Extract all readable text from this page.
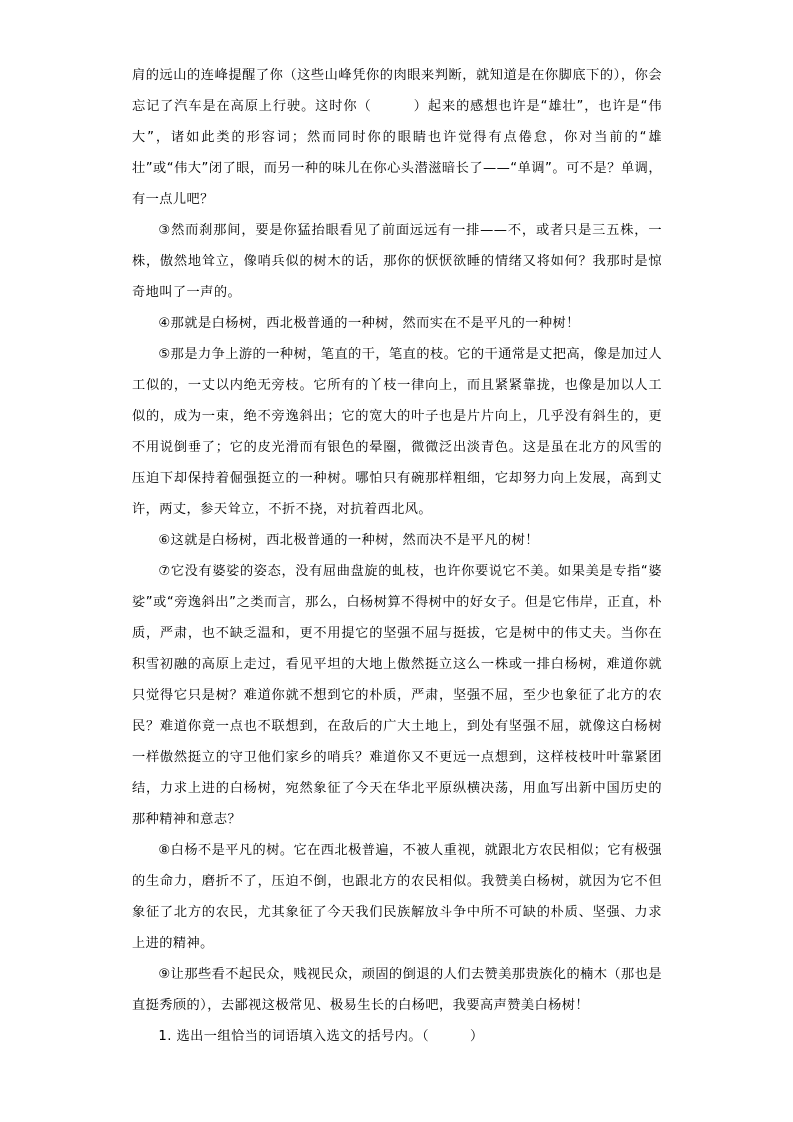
肩的远山的连峰提醒了你（这些山峰凭你的肉眼来判断，就知道是在你脚底下的），你会忘记了汽车是在高原上行驶。这时你（　　　）起来的感想也许是“雄壮”，也许是“伟大”，诸如此类的形容词；然而同时你的眼睛也许觉得有点倦怠，你对当前的“雄壮”或“伟大”闭了眼，而另一种的味儿在你心头潜滋暗长了——“单调”。可不是？单调，有一点儿吧？

③然而刹那间，要是你猛抬眼看见了前面远远有一排——不，或者只是三五株，一株，傲然地耸立，像哨兵似的树木的话，那你的恹恹欲睡的情绪又将如何？我那时是惊奇地叫了一声的。

④那就是白杨树，西北极普通的一种树，然而实在不是平凡的一种树！

⑤那是力争上游的一种树，笔直的干，笔直的枝。它的干通常是丈把高，像是加过人工似的，一丈以内绝无旁枝。它所有的丫枝一律向上，而且紧紧靠拢，也像是加以人工似的，成为一束，绝不旁逸斜出；它的宽大的叶子也是片片向上，几乎没有斜生的，更不用说倒垂了；它的皮光滑而有银色的晕圈，微微泛出淡青色。这是虽在北方的风雪的压迫下却保持着倔强挺立的一种树。哪怕只有碗那样粗细，它却努力向上发展，高到丈许，两丈，参天耸立，不折不挠，对抗着西北风。

⑥这就是白杨树，西北极普通的一种树，然而决不是平凡的树！

⑦它没有婆娑的姿态，没有屈曲盘旋的虬枝，也许你要说它不美。如果美是专指“婆娑”或“旁逸斜出”之类而言，那么，白杨树算不得树中的好女子。但是它伟岸，正直，朴质，严肃，也不缺乏温和，更不用提它的坚强不屈与挺拔，它是树中的伟丈夫。当你在积雪初融的高原上走过，看见平坦的大地上傲然挺立这么一株或一排白杨树，难道你就只觉得它只是树？难道你就不想到它的朴质，严肃，坚强不屈，至少也象征了北方的农民？难道你竟一点也不联想到，在敌后的广大土地上，到处有坚强不屈，就像这白杨树一样傲然挺立的守卫他们家乡的哨兵？难道你又不更远一点想到，这样枝枝叶叶靠紧团结，力求上进的白杨树，宛然象征了今天在华北平原纵横决荡，用血写出新中国历史的那种精神和意志？

⑧白杨不是平凡的树。它在西北极普遍，不被人重视，就跟北方农民相似；它有极强的生命力，磨折不了，压迫不倒，也跟北方的农民相似。我赞美白杨树，就因为它不但象征了北方的农民，尤其象征了今天我们民族解放斗争中所不可缺的朴质、坚强、力求上进的精神。

⑨让那些看不起民众，贱视民众，顽固的倒退的人们去赞美那贵族化的楠木（那也是直挺秀颀的），去鄙视这极常见、极易生长的白杨吧，我要高声赞美白杨树！

1. 选出一组恰当的词语填入选文的括号内。（　　　）
